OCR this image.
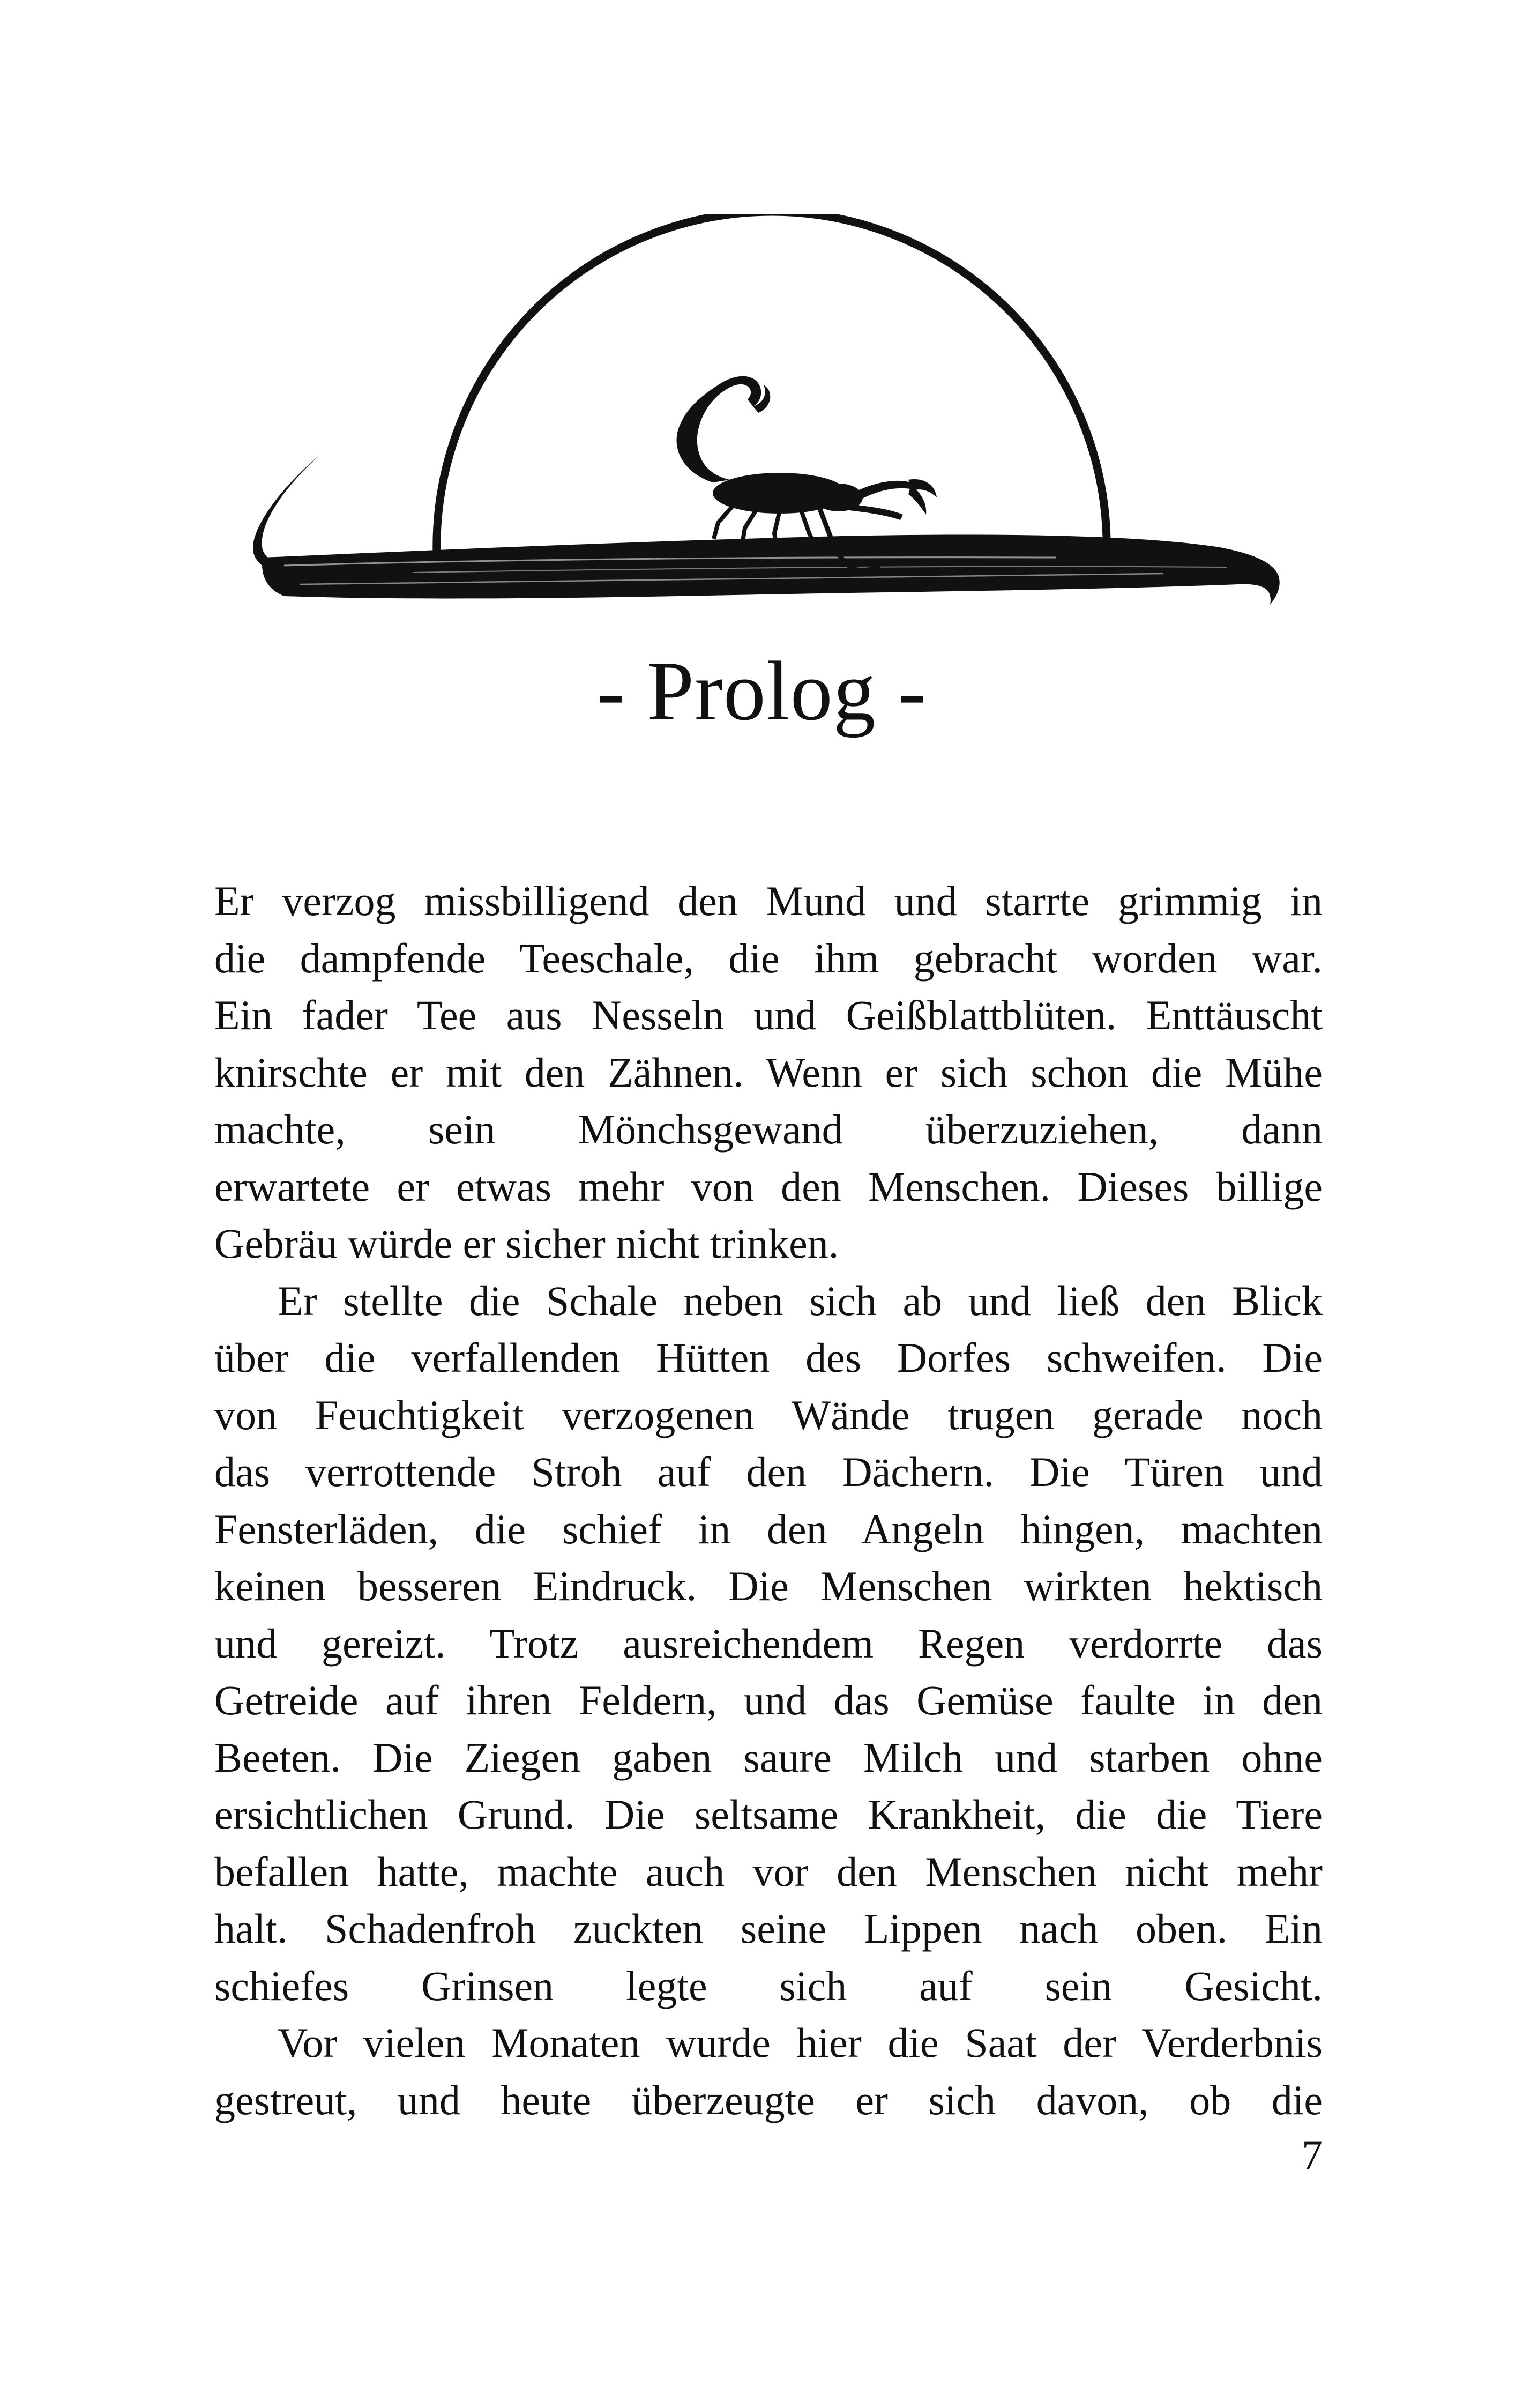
- Prolog -

Er verzog missbilligend den Mund und starrte grimmig in
die dampfende Teeschale, die ihm gebracht worden war.
Ein fader Tee aus Nesseln und Geißblattblüten. Enttäuscht
knirschte er mit den Zähnen. Wenn er sich schon die Mühe
machte, sein Mönchsgewand überzuziehen, dann
erwartete er etwas mehr von den Menschen. Dieses billige
Gebräu würde er sicher nicht trinken.

Er stellte die Schale neben sich ab und ließ den Blick
über die verfallenden Hütten des Dorfes schweifen. Die
von Feuchtigkeit verzogenen Wände trugen gerade noch
das verrottende Stroh auf den Dächern. Die Türen und
Fensterläden, die schief in den Angeln hingen, machten
keinen besseren Eindruck. Die Menschen wirkten hektisch
und gereizt. Trotz ausreichendem Regen verdorrte das
Getreide auf ihren Feldern, und das Gemüse faulte in den
Beeten. Die Ziegen gaben saure Milch und starben ohne
ersichtlichen Grund. Die seltsame Krankheit, die die Tiere
befallen hatte, machte auch vor den Menschen nicht mehr
halt. Schadenfroh zuckten seine Lippen nach oben. Ein
schiefes Grinsen legte sich auf sein Gesicht.

Vor vielen Monaten wurde hier die Saat der Verderbnis
gestreut, und heute überzeugte er sich davon, ob die

7
